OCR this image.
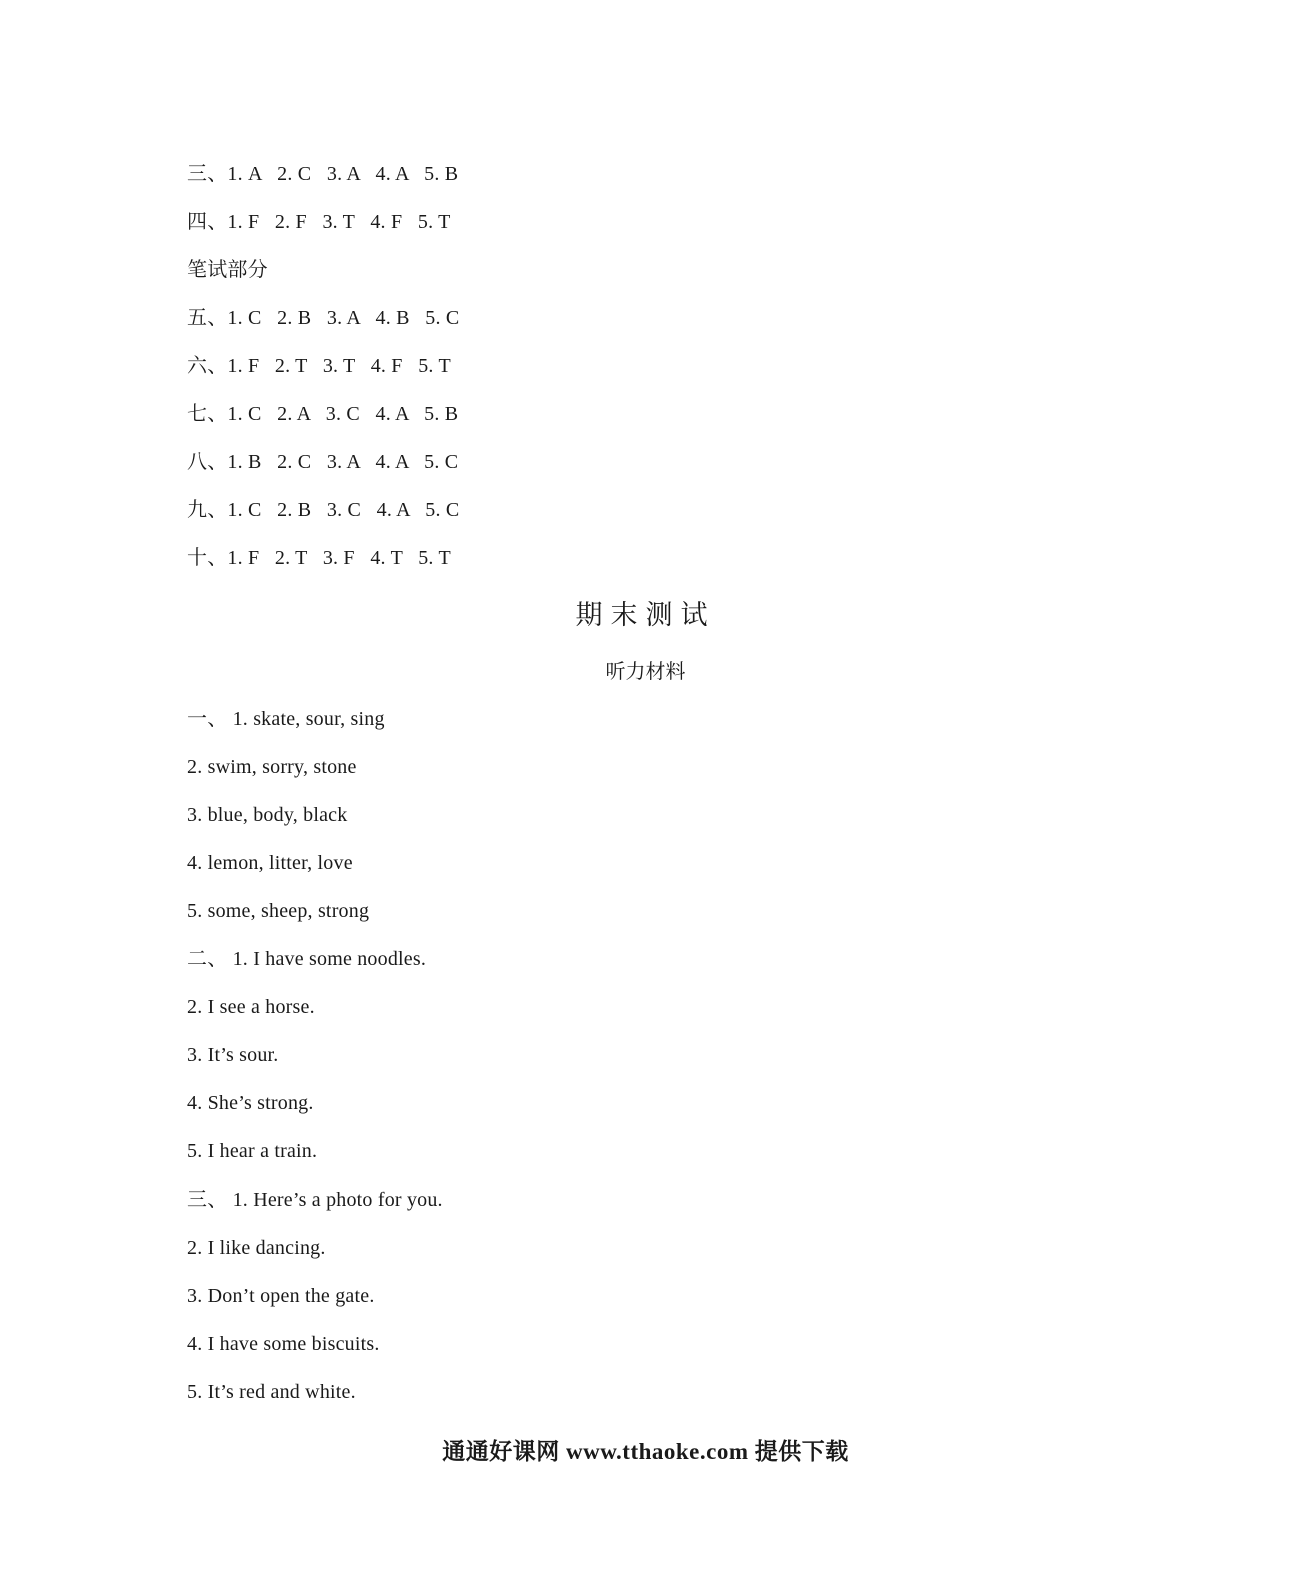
三、1. A   2. C   3. A   4. A   5. B
四、1. F   2. F   3. T   4. F   5. T
笔试部分
五、1. C   2. B   3. A   4. B   5. C
六、1. F   2. T   3. T   4. F   5. T
七、1. C   2. A   3. C   4. A   5. B
八、1. B   2. C   3. A   4. A   5. C
九、1. C   2. B   3. C   4. A   5. C
十、1. F   2. T   3. F   4. T   5. T
期末测试
听力材料
一、 1. skate, sour, sing
2. swim, sorry, stone
3. blue, body, black
4. lemon, litter, love
5. some, sheep, strong
二、 1. I have some noodles.
2. I see a horse.
3. It’s sour.
4. She’s strong.
5. I hear a train.
三、 1. Here’s a photo for you.
2. I like dancing.
3. Don’t open the gate.
4. I have some biscuits.
5. It’s red and white.
通通好课网 www.tthaoke.com 提供下载
